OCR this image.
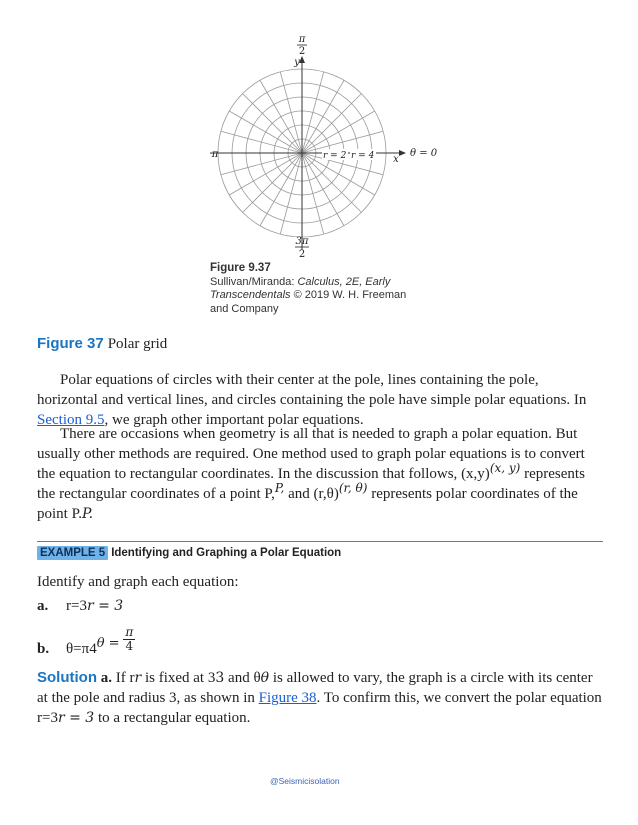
π
2
y
π	x
θ = 0
r = 2 r = 4
3π
2
Figure 9.37
Sullivan/Miranda: Calculus, 2E, Early
Transcendentals © 2019 W. H. Freeman
and Company
Figure 37 Polar grid

Polar equations of circles with their center at the pole, lines containing the pole, horizontal and vertical lines, and circles containing the pole have simple polar equations. In Section 9.5, we graph other important polar equations.

There are occasions when geometry is all that is needed to graph a polar equation. But usually other methods are required. One method used to graph polar equations is to convert the equation to rectangular coordinates. In the discussion that follows, $(x,y)^{(x, y)}$ represents the rectangular coordinates of a point P,$^{P,}$ and $(r,\theta)^{(r, \theta)}$ represents polar coordinates of the point P.P.

EXAMPLE 5 Identifying and Graphing a Polar Equation

Identify and graph each equation:

a. r=3r = 3
b. $\theta=\pi 4\theta = \frac{\pi}{4}$

Solution a. If rr is fixed at 33 and θθ is allowed to vary, the graph is a circle with its center at the pole and radius 3, as shown in Figure 38. To confirm this, we convert the polar equation r=3r = 3 to a rectangular equation.

@Seismicisolation
